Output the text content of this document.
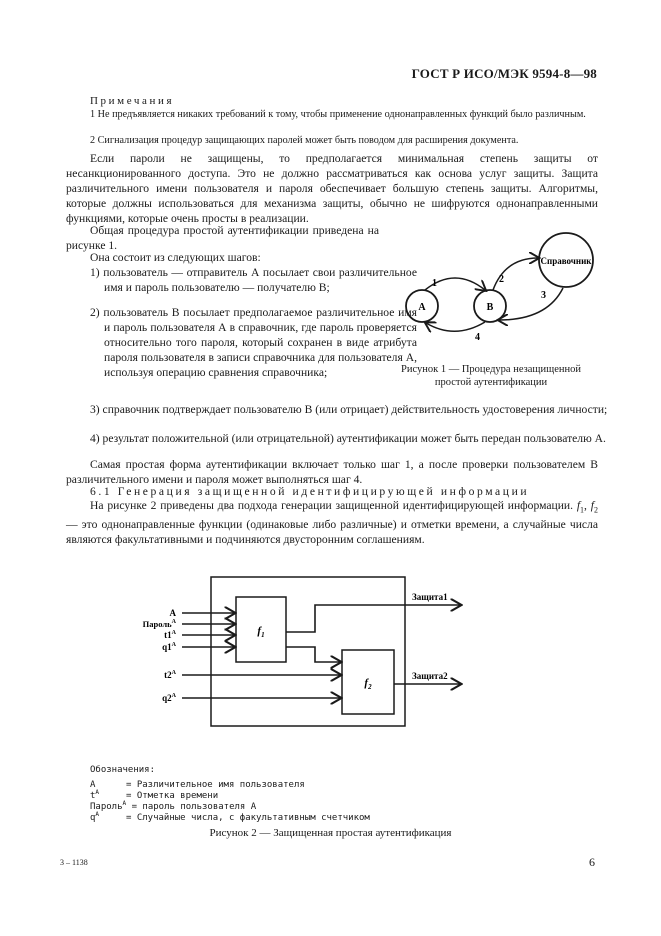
ГОСТ Р ИСО/МЭК 9594-8—98
Примечания
1 Не предъявляется никаких требований к тому, чтобы применение однонаправленных функций было различным.
2 Сигнализация процедур защищающих паролей может быть поводом для расширения документа.
Если пароли не защищены, то предполагается минимальная степень защиты от несанкционированного доступа. Это не должно рассматриваться как основа услуг защиты. Защита различительного имени пользователя и пароля обеспечивает большую степень защиты. Алгоритмы, которые должны использоваться для механизма защиты, обычно не шифруются однонаправленными функциями, которые очень просты в реализации.
Общая процедура простой аутентификации приведена на рисунке 1.
Она состоит из следующих шагов:
1) пользователь — отправитель А посылает свои различительное имя и пароль пользователю — получателю В;
2) пользователь В посылает предполагаемое различительное имя и пароль пользователя А в справочник, где пароль проверяется относительно того пароля, который сохранен в виде атрибута пароля пользователя в записи справочника для пользователя А, используя операцию сравнения справочника;
3) справочник подтверждает пользователю В (или отрицает) действительность удостоверения личности;
4) результат положительной (или отрицательной) аутентификации может быть передан пользователю А.
Самая простая форма аутентификации включает только шаг 1, а после проверки пользователем В различительного имени и пароля может выполняться шаг 4.
6.1 Генерация защищенной идентифицирующей информации
На рисунке 2 приведены два подхода генерации защищенной идентифицирующей информации. $f_1$, $f_2$ — это однонаправленные функции (одинаковые либо различные) и отметки времени, а случайные числа являются факультативными и подчиняются двусторонним соглашениям.
A	B
Справочник
1	2
3
4
Рисунок 1 — Процедура незащищенной простой аутентификации
$f_1$
$f_2$
A
Пароль$^A$
$t1^A$
$q1^A$
$t2^A$
$q2^A$
Защита1
Защита2
Обозначения:
А	= Различительное имя пользователя
$t^A$	= Отметка времени
Пароль$^A$ = пароль пользователя А
$q^A$	= Случайные числа, с факультативным счетчиком
Рисунок 2 — Защищенная простая аутентификация
3 – 1138	6
